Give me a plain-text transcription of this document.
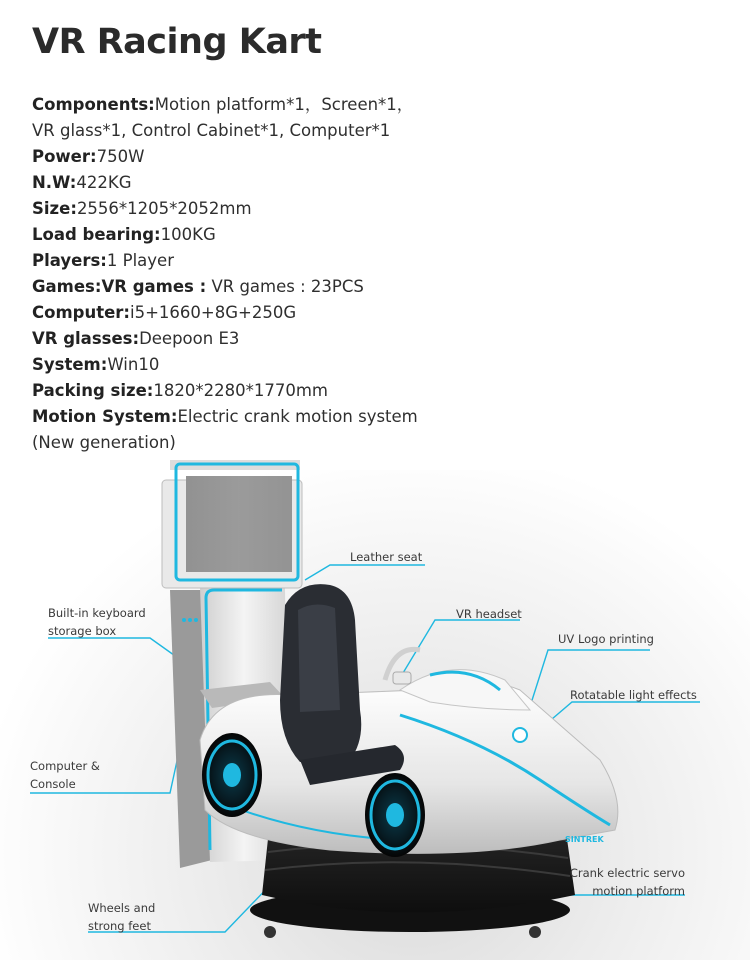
VR Racing Kart
Components:Motion platform*1，Screen*1，
VR glass*1, Control Cabinet*1, Computer*1
Power:750W
N.W:422KG
Size:2556*1205*2052mm
Load bearing:100KG
Players:1 Player
Games:VR games : VR games : 23PCS
Computer:i5+1660+8G+250G
VR glasses:Deepoon E3
System:Win10
Packing size:1820*2280*1770mm
Motion System:Electric crank motion system
(New generation)
SINTREK
Leather seat
Built-in keyboard
storage box
VR headset
UV Logo printing
Rotatable light effects
Computer &
Console
Crank electric servo
motion platform
Wheels and
strong feet
